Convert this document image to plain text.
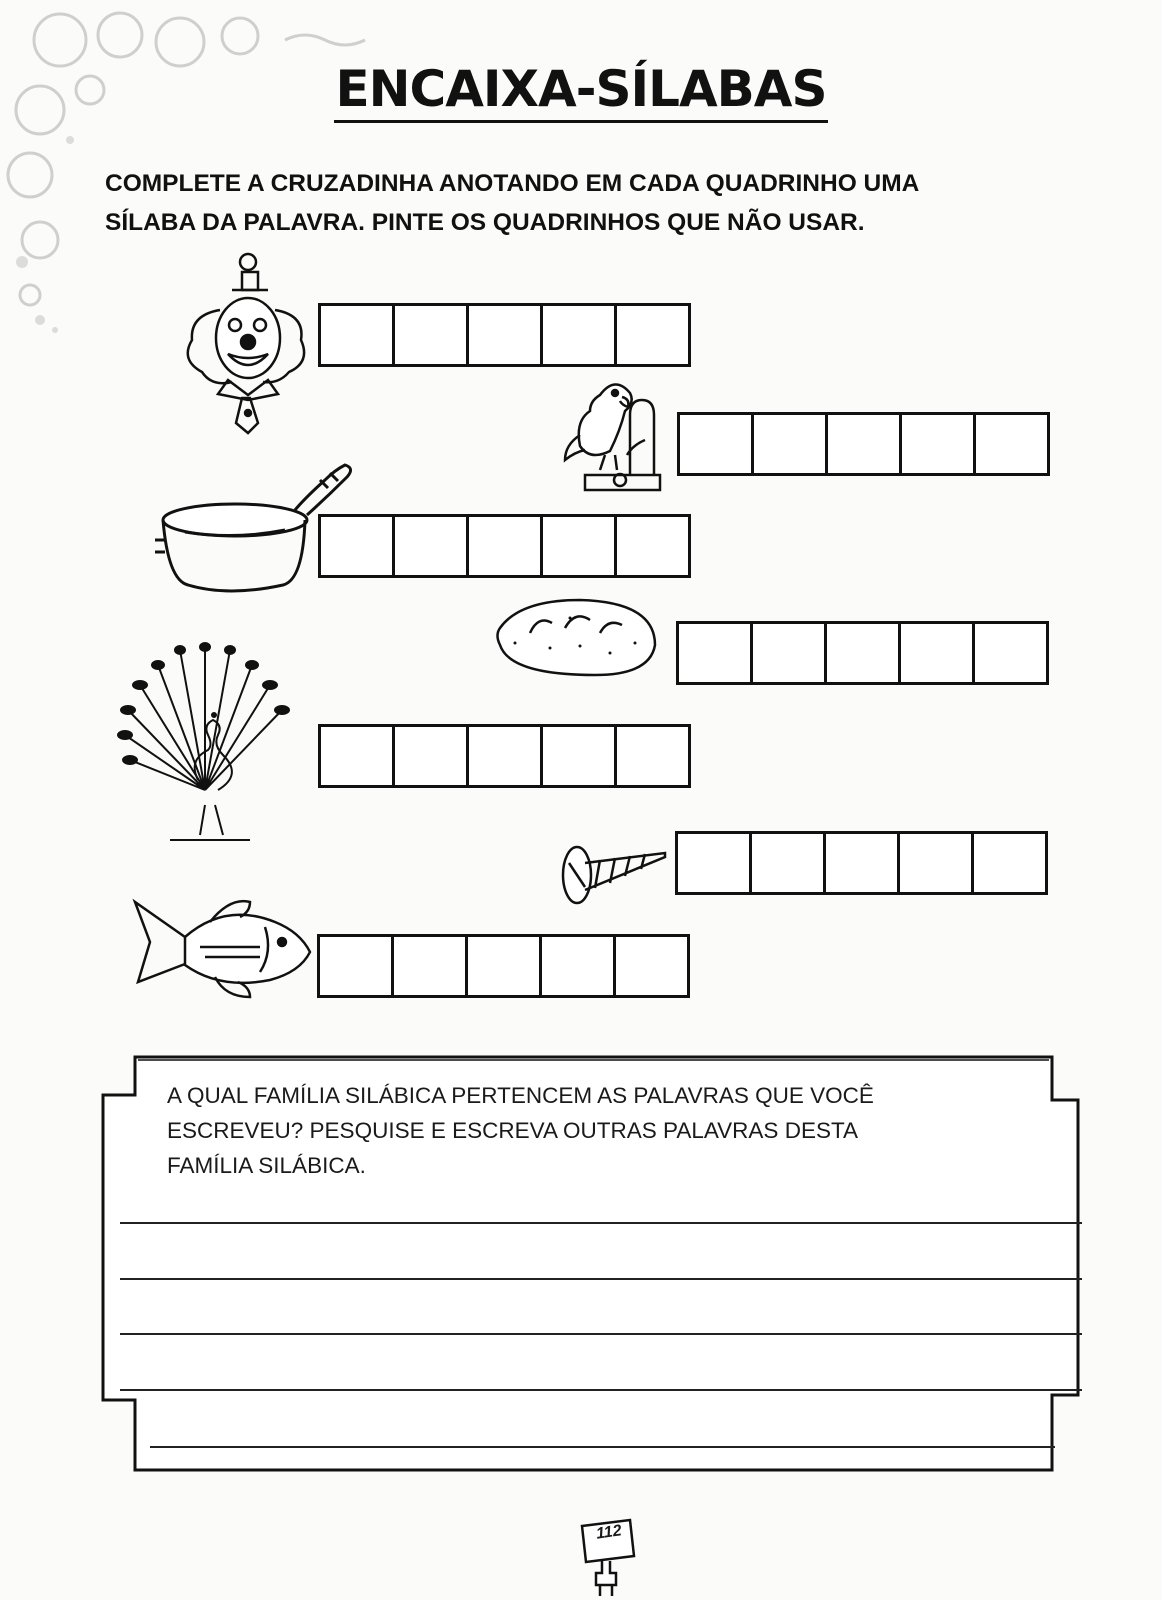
ENCAIXA-SÍLABAS
COMPLETE A CRUZADINHA ANOTANDO EM CADA QUADRINHO UMA
SÍLABA DA PALAVRA. PINTE OS QUADRINHOS QUE NÃO USAR.
A QUAL FAMÍLIA SILÁBICA PERTENCEM AS PALAVRAS QUE VOCÊ
ESCREVEU? PESQUISE E ESCREVA OUTRAS PALAVRAS DESTA
FAMÍLIA SILÁBICA.
112
